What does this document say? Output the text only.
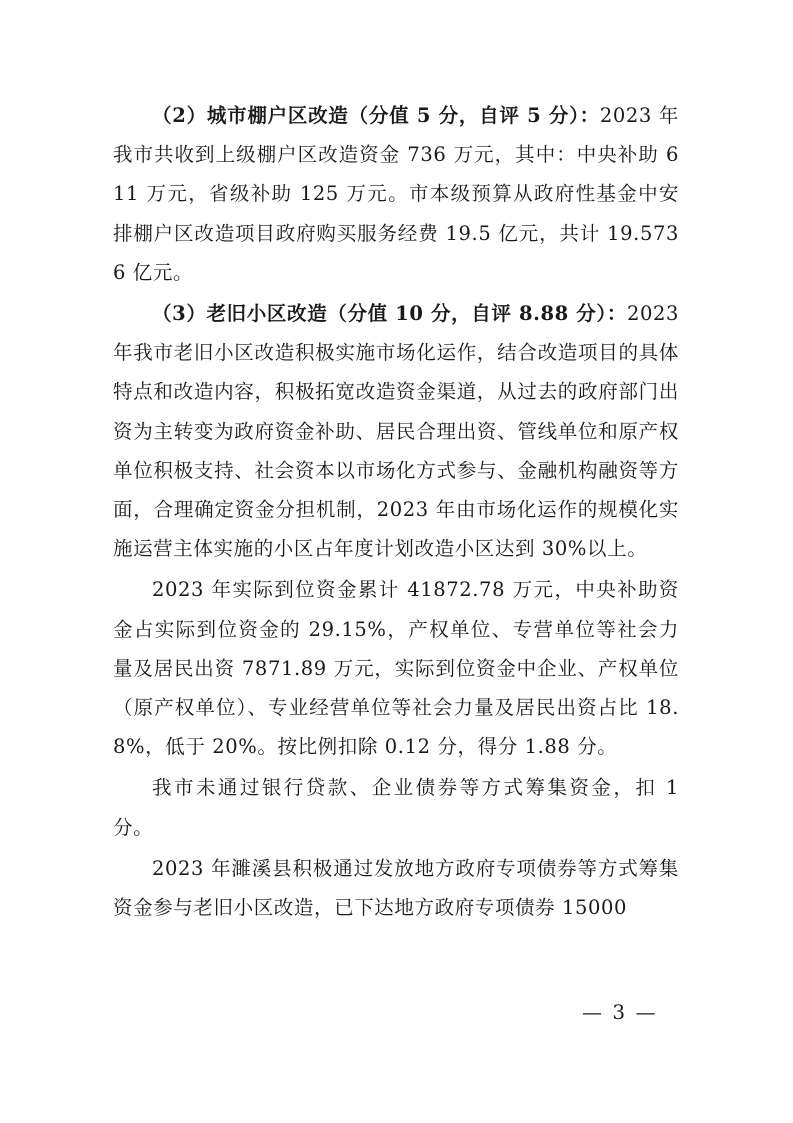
（2）城市棚户区改造（分值 5 分，自评 5 分）：2023 年我市共收到上级棚户区改造资金 736 万元，其中：中央补助 611 万元，省级补助 125 万元。市本级预算从政府性基金中安排棚户区改造项目政府购买服务经费 19.5 亿元，共计 19.5736 亿元。

（3）老旧小区改造（分值 10 分，自评 8.88 分）：2023 年我市老旧小区改造积极实施市场化运作，结合改造项目的具体特点和改造内容，积极拓宽改造资金渠道，从过去的政府部门出资为主转变为政府资金补助、居民合理出资、管线单位和原产权单位积极支持、社会资本以市场化方式参与、金融机构融资等方面，合理确定资金分担机制，2023 年由市场化运作的规模化实施运营主体实施的小区占年度计划改造小区达到 30%以上。

2023 年实际到位资金累计 41872.78 万元，中央补助资金占实际到位资金的 29.15%，产权单位、专营单位等社会力量及居民出资 7871.89 万元，实际到位资金中企业、产权单位（原产权单位）、专业经营单位等社会力量及居民出资占比 18.8%，低于 20%。按比例扣除 0.12 分，得分 1.88 分。

我市未通过银行贷款、企业债券等方式筹集资金，扣 1 分。

2023 年濉溪县积极通过发放地方政府专项债券等方式筹集资金参与老旧小区改造，已下达地方政府专项债券 15000

— 3 —
